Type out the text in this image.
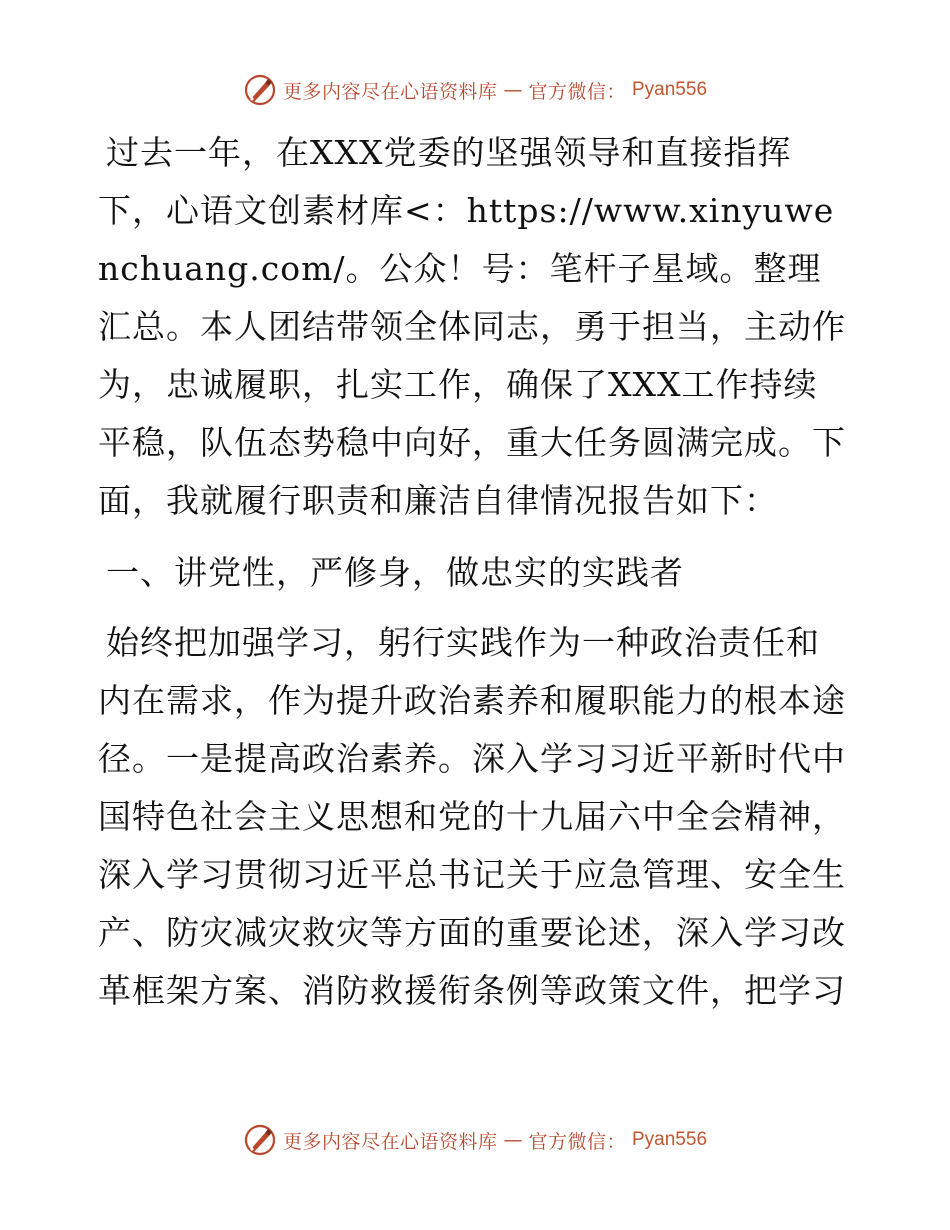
更多内容尽在心语资料库 — 官方微信： Pyan556

过去一年，在XXX党委的坚强领导和直接指挥下，心语文创素材库<：https://www.xinyuwenchuang.com/。公众！号：笔杆子星域。整理汇总。本人团结带领全体同志，勇于担当，主动作为，忠诚履职，扎实工作，确保了XXX工作持续平稳，队伍态势稳中向好，重大任务圆满完成。下面，我就履行职责和廉洁自律情况报告如下：

一、讲党性，严修身，做忠实的实践者

始终把加强学习，躬行实践作为一种政治责任和内在需求，作为提升政治素养和履职能力的根本途径。一是提高政治素养。深入学习习近平新时代中国特色社会主义思想和党的十九届六中全会精神，深入学习贯彻习近平总书记关于应急管理、安全生产、防灾减灾救灾等方面的重要论述，深入学习改革框架方案、消防救援衔条例等政策文件，把学习

更多内容尽在心语资料库 — 官方微信： Pyan556
